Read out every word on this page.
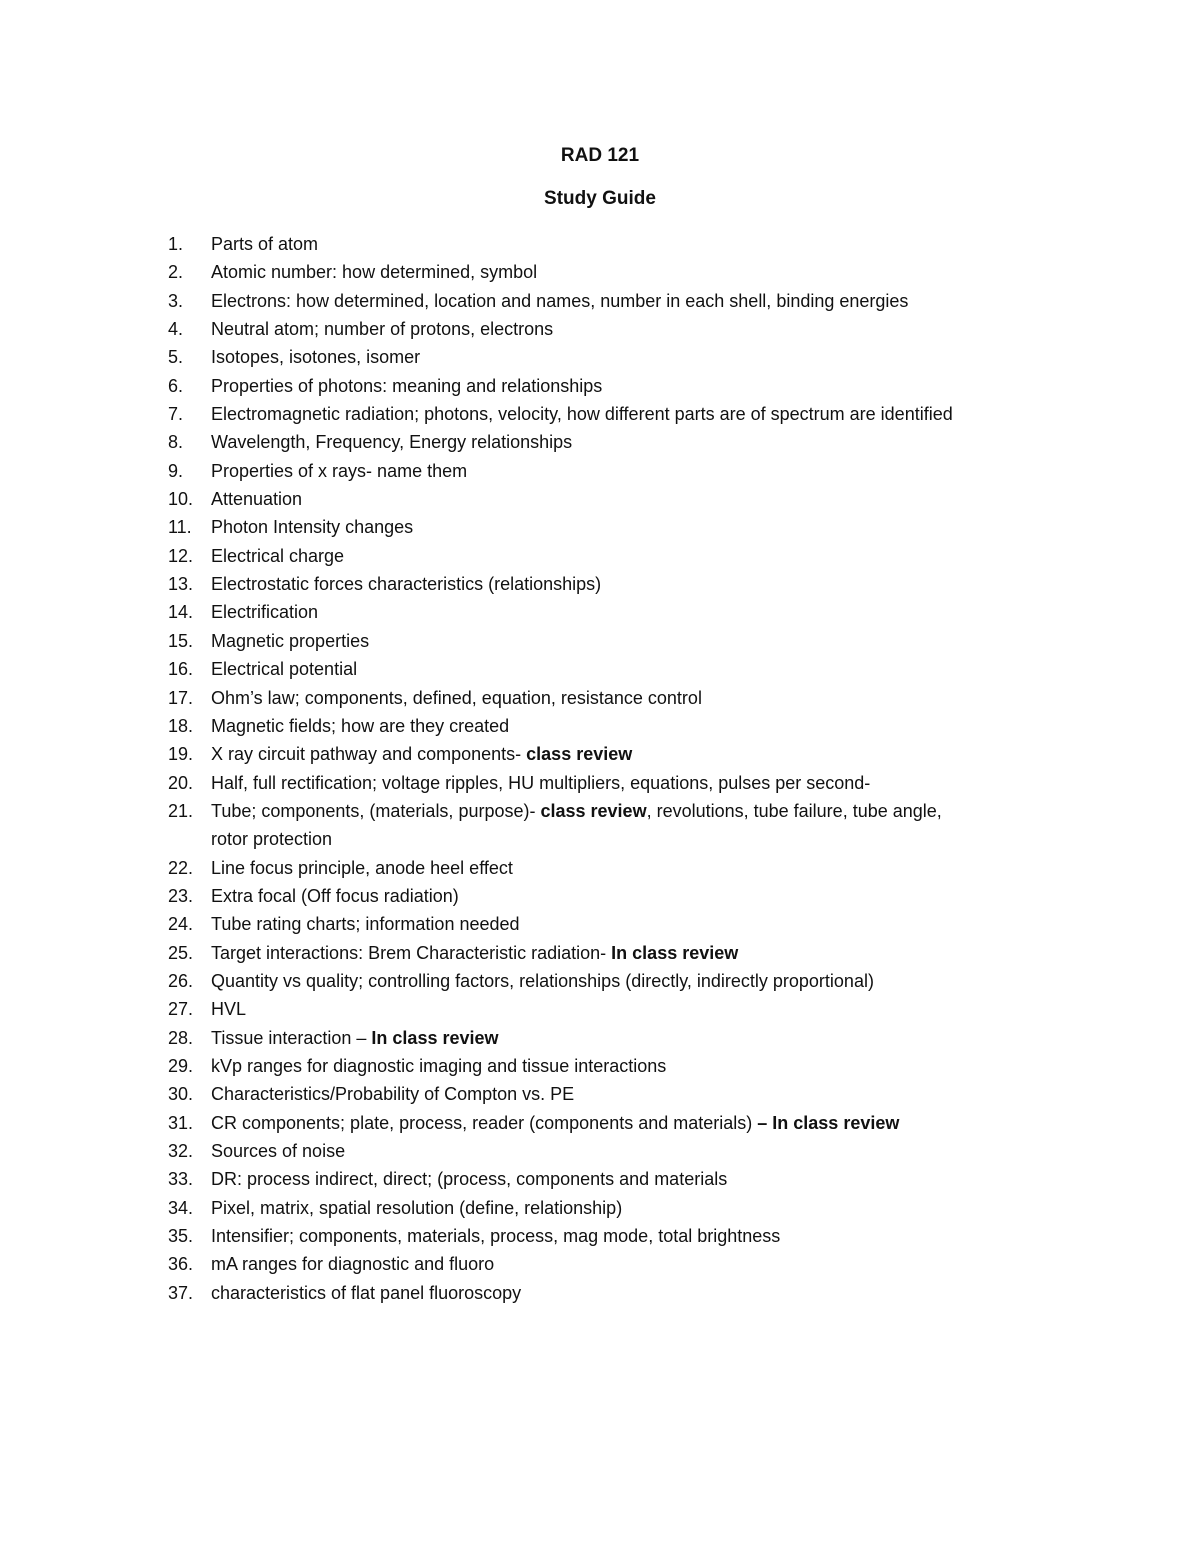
RAD 121
Study Guide
1. Parts of atom
2. Atomic number: how determined, symbol
3. Electrons: how determined, location and names, number in each shell, binding energies
4. Neutral atom; number of protons, electrons
5. Isotopes, isotones, isomer
6. Properties of photons: meaning and relationships
7. Electromagnetic radiation; photons, velocity, how different parts are of spectrum are identified
8. Wavelength, Frequency, Energy relationships
9. Properties of x rays- name them
10. Attenuation
11. Photon Intensity changes
12. Electrical charge
13. Electrostatic forces characteristics (relationships)
14. Electrification
15. Magnetic properties
16. Electrical potential
17. Ohm’s law; components, defined, equation, resistance control
18. Magnetic fields; how are they created
19. X ray circuit pathway and components- class review
20. Half, full rectification; voltage ripples, HU multipliers, equations, pulses per second-
21. Tube; components, (materials, purpose)- class review, revolutions, tube failure, tube angle,
rotor protection
22. Line focus principle, anode heel effect
23. Extra focal (Off focus radiation)
24. Tube rating charts; information needed
25. Target interactions: Brem Characteristic radiation- In class review
26. Quantity vs quality; controlling factors, relationships (directly, indirectly proportional)
27. HVL
28. Tissue interaction – In class review
29. kVp ranges for diagnostic imaging and tissue interactions
30. Characteristics/Probability of Compton vs. PE
31. CR components; plate, process, reader (components and materials) – In class review
32. Sources of noise
33. DR: process indirect, direct; (process, components and materials
34. Pixel, matrix, spatial resolution (define, relationship)
35. Intensifier; components, materials, process, mag mode, total brightness
36. mA ranges for diagnostic and fluoro
37. characteristics of flat panel fluoroscopy
